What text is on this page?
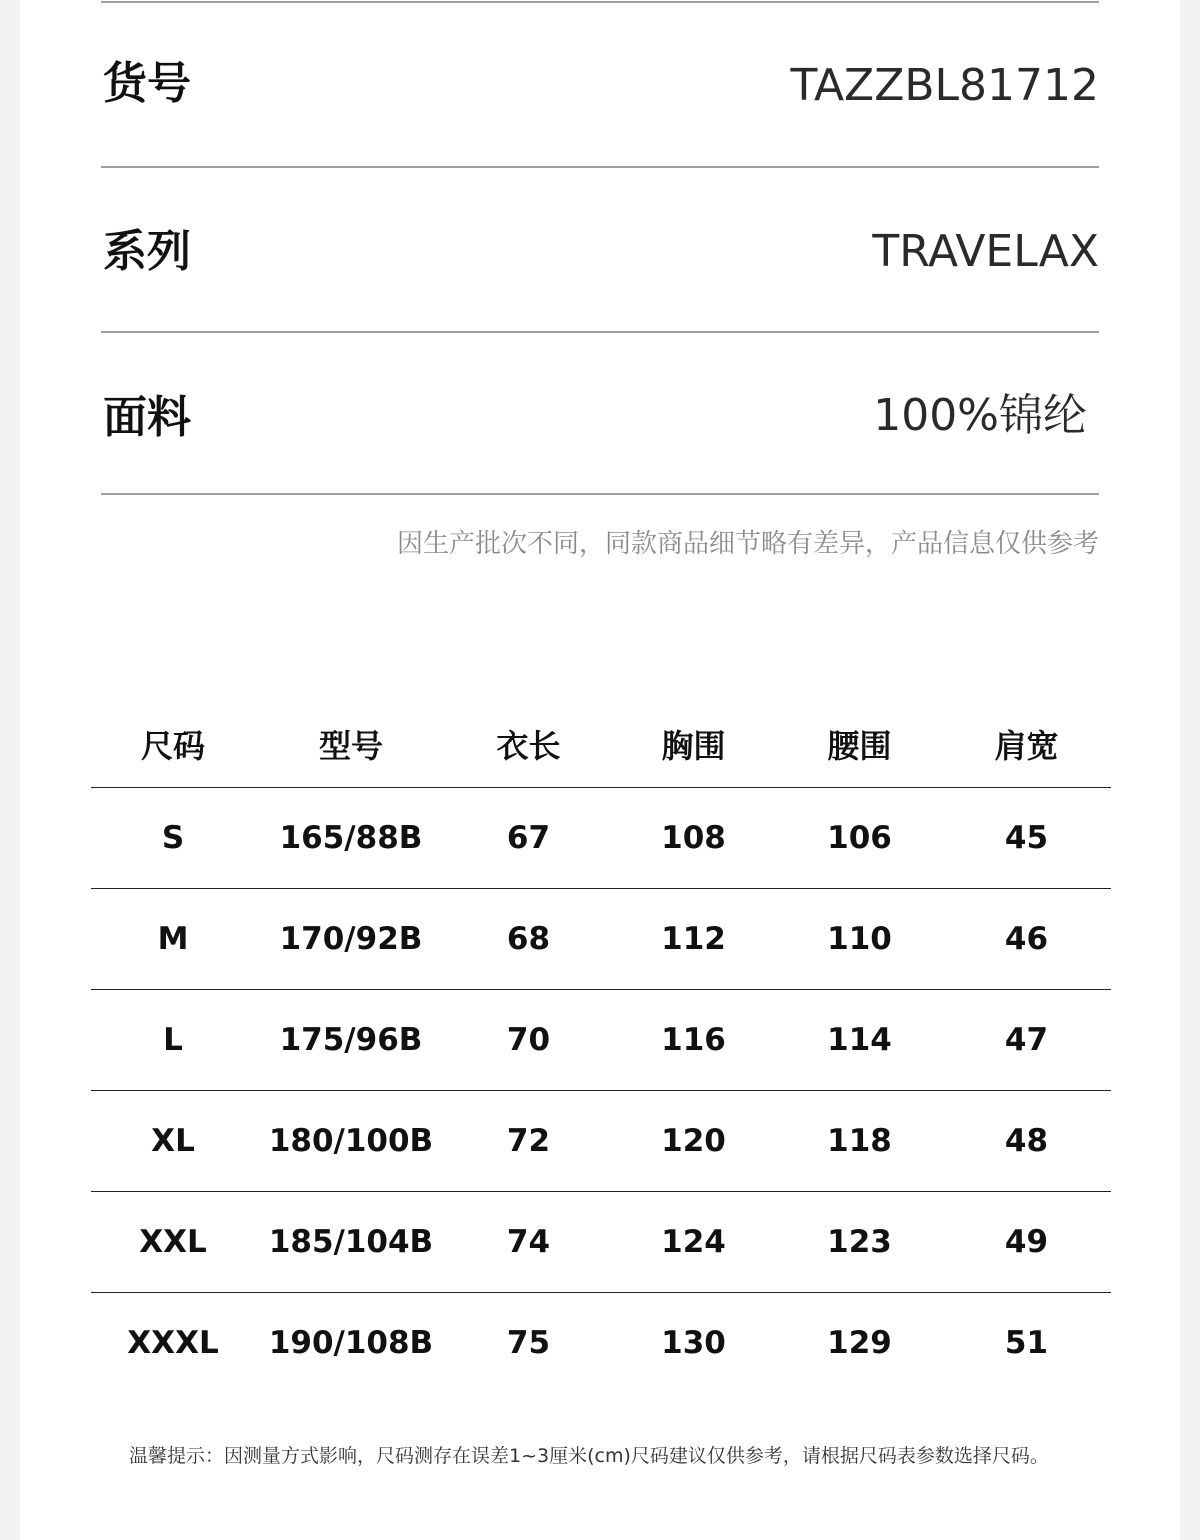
货号	TAZZBL81712
系列	TRAVELAX
面料	100%锦纶
因生产批次不同，同款商品细节略有差异，产品信息仅供参考
尺码	型号	衣长	胸围	腰围	肩宽
S	165/88B	67	108	106	45
M	170/92B	68	112	110	46
L	175/96B	70	116	114	47
XL	180/100B	72	120	118	48
XXL	185/104B	74	124	123	49
XXXL	190/108B	75	130	129	51
温馨提示：因测量方式影响，尺码测存在误差1~3厘米(cm)尺码建议仅供参考，请根据尺码表参数选择尺码。
